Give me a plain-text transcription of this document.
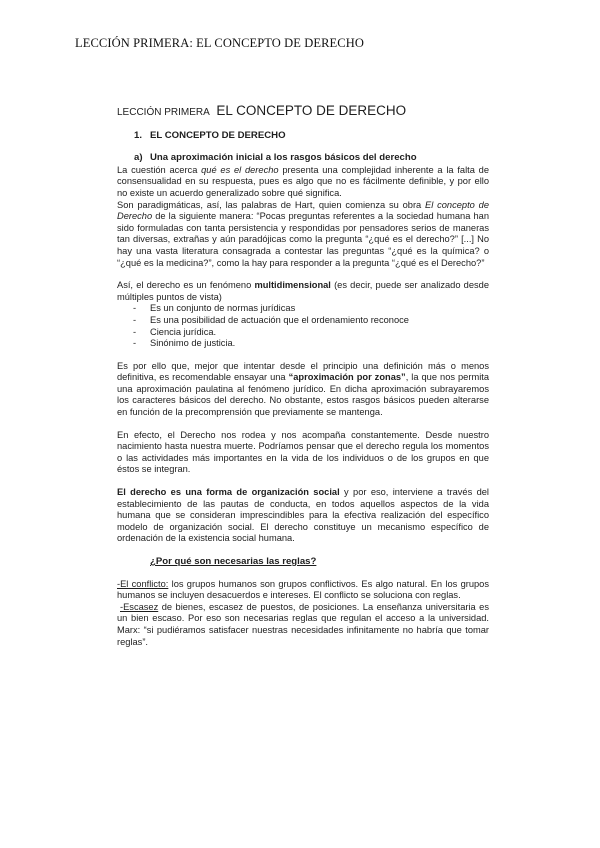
LECCIÓN PRIMERA: EL CONCEPTO DE DERECHO
LECCIÓN PRIMERA EL CONCEPTO DE DERECHO
1. EL CONCEPTO DE DERECHO
a) Una aproximación inicial a los rasgos básicos del derecho

La cuestión acerca qué es el derecho presenta una complejidad inherente a la falta de consensualidad en su respuesta, pues es algo que no es fácilmente definible, y por ello no existe un acuerdo generalizado sobre qué significa.

Son paradigmáticas, así, las palabras de Hart, quien comienza su obra El concepto de Derecho de la siguiente manera: “Pocas preguntas referentes a la sociedad humana han sido formuladas con tanta persistencia y respondidas por pensadores serios de maneras tan diversas, extrañas y aún paradójicas como la pregunta “¿qué es el derecho?” [...] No hay una vasta literatura consagrada a contestar las preguntas “¿qué es la química? o “¿qué es la medicina?”, como la hay para responder a la pregunta “¿qué es el Derecho?”

Así, el derecho es un fenómeno multidimensional (es decir, puede ser analizado desde múltiples puntos de vista)

- Es un conjunto de normas jurídicas
- Es una posibilidad de actuación que el ordenamiento reconoce
- Ciencia jurídica.
- Sinónimo de justicia.

Es por ello que, mejor que intentar desde el principio una definición más o menos definitiva, es recomendable ensayar una “aproximación por zonas”, la que nos permita una aproximación paulatina al fenómeno jurídico. En dicha aproximación subrayaremos los caracteres básicos del derecho. No obstante, estos rasgos básicos pueden alterarse en función de la precomprensión que previamente se mantenga.

En efecto, el Derecho nos rodea y nos acompaña constantemente. Desde nuestro nacimiento hasta nuestra muerte. Podríamos pensar que el derecho regula los momentos o las actividades más importantes en la vida de los individuos o de los grupos en que éstos se integran.

El derecho es una forma de organización social y por eso, interviene a través del establecimiento de las pautas de conducta, en todos aquellos aspectos de la vida humana que se consideran imprescindibles para la efectiva realización del específico modelo de organización social. El derecho constituye un mecanismo específico de ordenación de la existencia social humana.

¿Por qué son necesarias las reglas?

-El conflicto: los grupos humanos son grupos conflictivos. Es algo natural. En los grupos humanos se incluyen desacuerdos e intereses. El conflicto se soluciona con reglas.

-Escasez de bienes, escasez de puestos, de posiciones. La enseñanza universitaria es un bien escaso. Por eso son necesarias reglas que regulan el acceso a la universidad. Marx: “si pudiéramos satisfacer nuestras necesidades infinitamente no habría que tomar reglas”.
